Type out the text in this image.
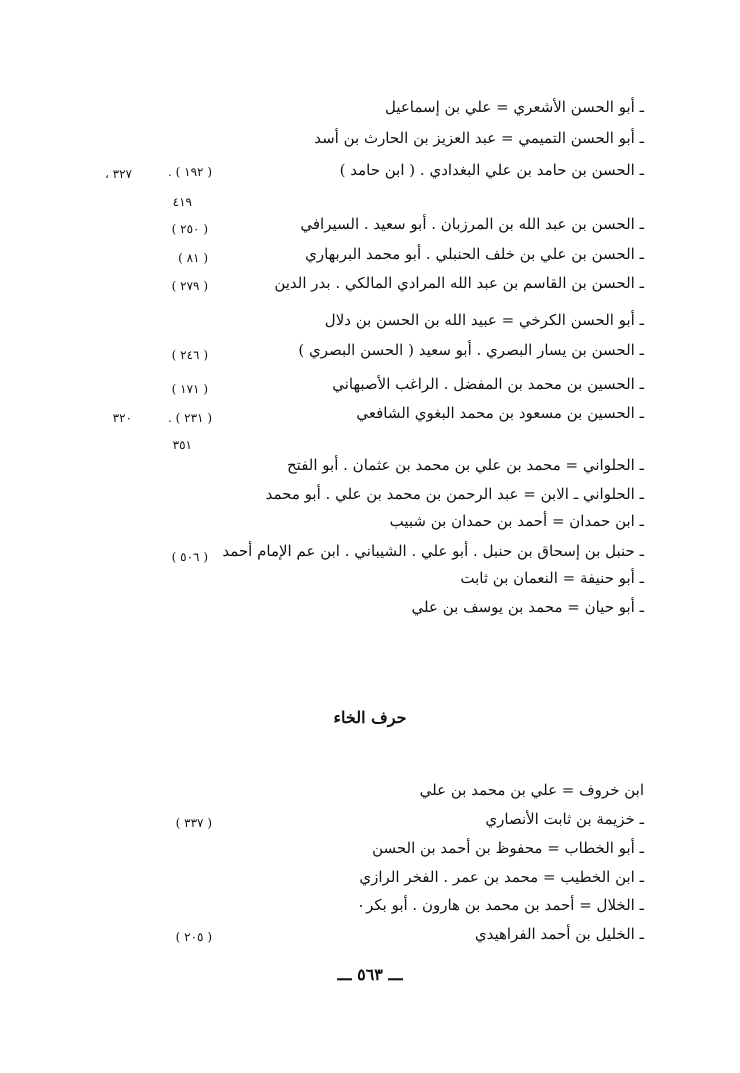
ـ أبو الحسن الأشعري = علي بن إسماعيل
ـ أبو الحسن التميمي = عبد العزيز بن الحارث بن أسد
ـ الحسن بن حامد بن علي البغدادي . ( ابن حامد )
ـ الحسن بن عبد الله بن المرزبان . أبو سعيد . السيرافي
ـ الحسن بن علي بن خلف الحنبلي . أبو محمد البربهاري
ـ الحسن بن القاسم بن عبد الله المرادي المالكي . بدر الدين
ـ أبو الحسن الكرخي = عبيد الله بن الحسن بن دلال
ـ الحسن بن يسار البصري . أبو سعيد ( الحسن البصري )
ـ الحسين بن محمد بن المفضل . الراغب الأصبهاني
ـ الحسين بن مسعود بن محمد البغوي الشافعي
ـ الحلواني = محمد بن علي بن محمد بن عثمان . أبو الفتح
ـ الحلواني ـ الابن = عبد الرحمن بن محمد بن علي . أبو محمد
ـ ابن حمدان = أحمد بن حمدان بن شبيب
ـ حنبل بن إسحاق بن حنبل . أبو علي . الشيباني . ابن عم الإمام أحمد
ـ أبو حنيفة = النعمان بن ثابت
ـ أبو حيان = محمد بن يوسف بن علي
( ١٩٢ ) .
٣٢٧ ،
٤١٩
( ٢٥٠ )
( ٨١ )
( ٢٧٩ )
( ٢٤٦ )
( ١٧١ )
( ٢٣١ ) .
٣٢٠
٣٥١
( ٥٠٦ )
حرف الخاء
ابن خروف = علي بن محمد بن علي
ـ خزيمة بن ثابت الأنصاري
ـ أبو الخطاب = محفوظ بن أحمد بن الحسن
ـ ابن الخطيب = محمد بن عمر . الفخر الرازي
ـ الخلال = أحمد بن محمد بن هارون . أبو بكر
ـ الخليل بن أحمد الفراهيدي
( ٣٣٧ )
( ٢٠٥ )
ـــ ٥٦٣ ـــ
